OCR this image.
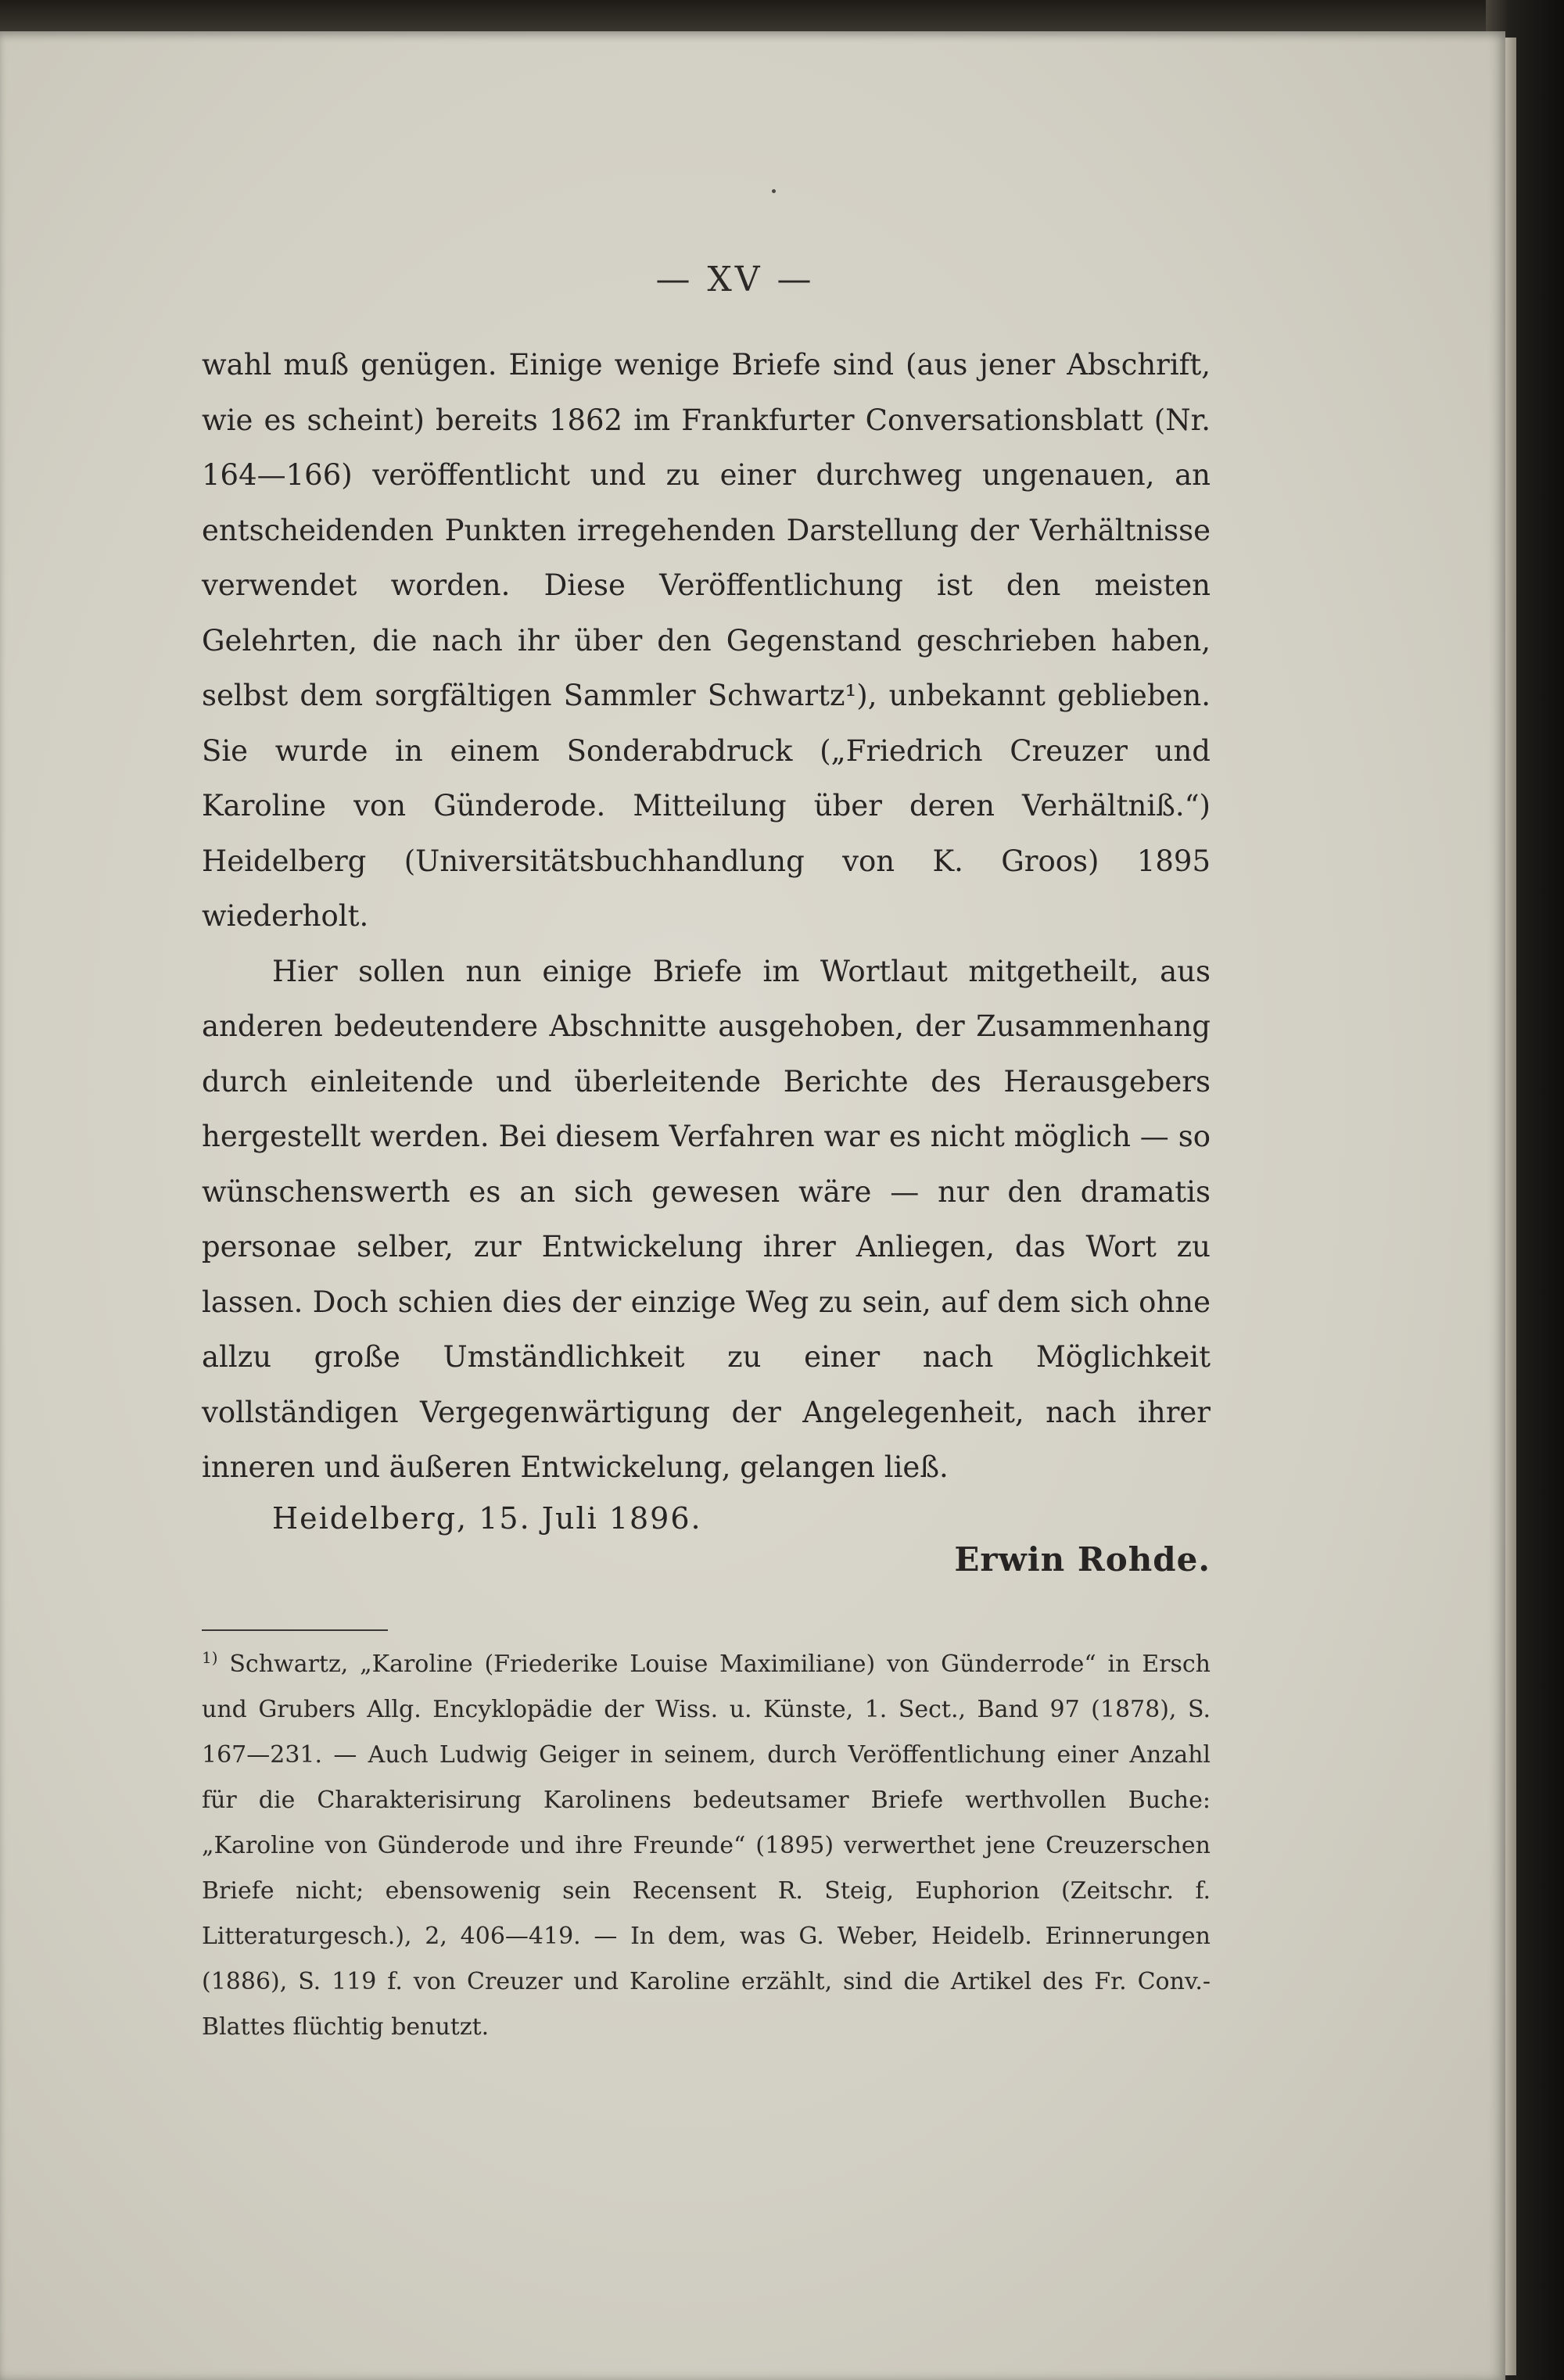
— XV —

wahl muß genügen. Einige wenige Briefe sind (aus jener Abschrift, wie es scheint) bereits 1862 im Frankfurter Conversationsblatt (Nr. 164—166) veröffentlicht und zu einer durchweg ungenauen, an entscheidenden Punkten irregehenden Darstellung der Verhältnisse verwendet worden. Diese Veröffentlichung ist den meisten Gelehrten, die nach ihr über den Gegenstand geschrieben haben, selbst dem sorgfältigen Sammler Schwartz¹), unbekannt geblieben. Sie wurde in einem Sonderabdruck („Friedrich Creuzer und Karoline von Günderode. Mitteilung über deren Verhältniß.“) Heidelberg (Universitätsbuchhandlung von K. Groos) 1895 wiederholt.

Hier sollen nun einige Briefe im Wortlaut mitgetheilt, aus anderen bedeutendere Abschnitte ausgehoben, der Zusammenhang durch einleitende und überleitende Berichte des Herausgebers hergestellt werden. Bei diesem Verfahren war es nicht möglich — so wünschenswerth es an sich gewesen wäre — nur den dramatis personae selber, zur Entwickelung ihrer Anliegen, das Wort zu lassen. Doch schien dies der einzige Weg zu sein, auf dem sich ohne allzu große Umständlichkeit zu einer nach Möglichkeit vollständigen Vergegenwärtigung der Angelegenheit, nach ihrer inneren und äußeren Entwickelung, gelangen ließ.

Heidelberg, 15. Juli 1896.
Erwin Rohde.

$^{1)}$ Schwartz, „Karoline (Friederike Louise Maximiliane) von Günderrode“ in Ersch und Grubers Allg. Encyklopädie der Wiss. u. Künste, 1. Sect., Band 97 (1878), S. 167—231. — Auch Ludwig Geiger in seinem, durch Veröffentlichung einer Anzahl für die Charakterisirung Karolinens bedeutsamer Briefe werthvollen Buche: „Karoline von Günderode und ihre Freunde“ (1895) verwerthet jene Creuzerschen Briefe nicht; ebensowenig sein Recensent R. Steig, Euphorion (Zeitschr. f. Litteraturgesch.), 2, 406—419. — In dem, was G. Weber, Heidelb. Erinnerungen (1886), S. 119 f. von Creuzer und Karoline erzählt, sind die Artikel des Fr. Conv.-Blattes flüchtig benutzt.
